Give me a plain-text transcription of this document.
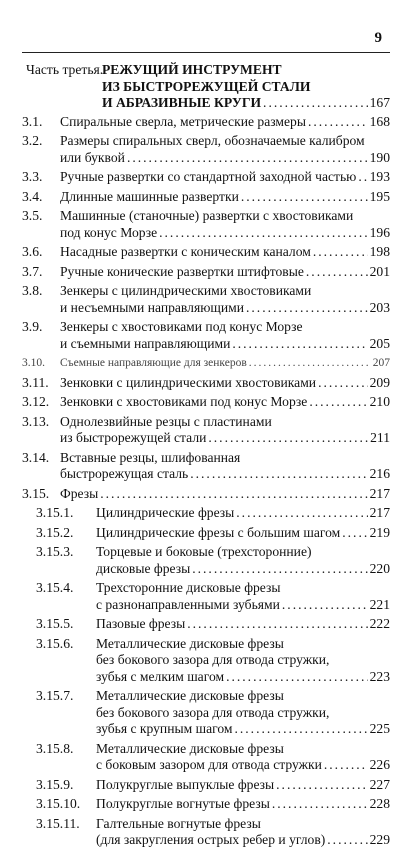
9
Часть третья.
РЕЖУЩИЙ ИНСТРУМЕНТ
ИЗ БЫСТРОРЕЖУЩЕЙ СТАЛИ
И АБРАЗИВНЫЕ КРУГИ .....	167
3.1. Спиральные сверла, метрические размеры .....	168
3.2. Размеры спиральных сверл, обозначаемые калибром
или буквой .....	190
3.3. Ручные развертки со стандартной заходной частью ..... 193
3.4. Длинные машинные развертки .....	195
3.5. Машинные (станочные) развертки с хвостовиками
под конус Морзе .....	196
3.6. Насадные развертки с коническим каналом .....	198
3.7. Ручные конические развертки штифтовые .....	201
3.8. Зенкеры с цилиндрическими хвостовиками
и несъемными направляющими .....	203
3.9. Зенкеры с хвостовиками под конус Морзе
и съемными направляющими .....	205
3.10. Съемные направляющие для зенкеров .....	207
3.11. Зенковки с цилиндрическими хвостовиками .....	209
3.12. Зенковки с хвостовиками под конус Морзе .....	210
3.13. Однолезвийные резцы с пластинами
из быстрорежущей стали .....	211
3.14. Вставные резцы, шлифованная
быстрорежущая сталь .....	216
3.15. Фрезы .....	217
3.15.1. Цилиндрические фрезы .....	217
3.15.2. Цилиндрические фрезы с большим шагом ..... 219
3.15.3. Торцевые и боковые (трехсторонние)
дисковые фрезы .....	220
3.15.4. Трехсторонние дисковые фрезы
с разнонаправленными зубьями .....	221
3.15.5. Пазовые фрезы .....	222
3.15.6. Металлические дисковые фрезы
без бокового зазора для отвода стружки,
зубья с мелким шагом .....	223
3.15.7. Металлические дисковые фрезы
без бокового зазора для отвода стружки,
зубья с крупным шагом .....	225
3.15.8. Металлические дисковые фрезы
с боковым зазором для отвода стружки .....	226
3.15.9. Полукруглые выпуклые фрезы .....	227
3.15.10. Полукруглые вогнутые фрезы .....	228
3.15.11. Галтельные вогнутые фрезы
(для закругления острых ребер и углов) .....	229
